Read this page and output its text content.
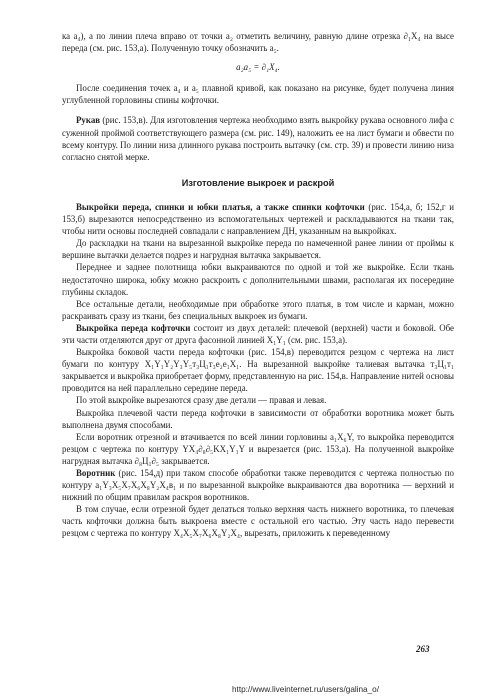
ка a₄), а по линии плеча вправо от точки a₂ отметить величину, равную длине отрезка ∂₁X₄ на высе переда (см. рис. 153,а). Полученную точку обозначить a₅.

a₂a₅ = ∂₁X₄.

После соединения точек a₄ и a₅ плавной кривой, как показано на рисунке, будет получена линия углубленной горловины спины кофточки.

Рукав (рис. 153,в). Для изготовления чертежа необходимо взять выкройку рукава основного лифа с суженной проймой соответствующего размера (см. рис. 149), наложить ее на лист бумаги и обвести по всему контуру. По линии низа длинного рукава построить вытачку (см. стр. 39) и провести линию низа согласно снятой мерке.

Изготовление выкроек и раскрой

Выкройки переда, спинки и юбки платья, а также спинки кофточки (рис. 154,а, б; 152,г и 153,б) вырезаются непосредственно из вспомогательных чертежей и раскладываются на ткани так, чтобы нити основы последней совпадали с направлением ДН, указанным на выкройках.

До раскладки на ткани на вырезанной выкройке переда по намеченной ранее линии от проймы к вершине вытачки делается подрез и нагрудная вытачка закрывается.

Переднее и заднее полотнища юбки выкраиваются по одной и той же выкройке. Если ткань недостаточно широка, юбку можно раскроить с дополнительными швами, располагая их посередине глубины складок.

Все остальные детали, необходимые при обработке этого платья, в том числе и карман, можно раскраивать сразу из ткани, без специальных выкроек из бумаги.

Выкройка переда кофточки состоит из двух деталей: плечевой (верхней) части и боковой. Обе эти части отделяются друг от друга фасонной линией X₁Y₁ (см. рис. 153,а).

Выкройка боковой части переда кофточки (рис. 154,в) переводится резцом с чертежа на лист бумаги по контуру X₁Y₁Y₂Y₃Y₅т₃Ц₁т₃е₂е₁X₁. На вырезанной выкройке талиевая вытачка т₃Ц₁т₁ закрывается и выкройка приобретает форму, представленную на рис. 154,в. Направление нитей основы проводится на ней параллельно середине переда.

По этой выкройке вырезаются сразу две детали — правая и левая.

Выкройка плечевой части переда кофточки в зависимости от обработки воротника может быть выполнена двумя способами.

Если воротник отрезной и втачивается по всей линии горловины a₁X₆Y, то выкройка переводится резцом с чертежа по контуру YX₄∂₈∂₅KX₁Y₁Y и вырезается (рис. 153,а). На полученной выкройке нагрудная вытачка ∂₈Ц₁∂₅ закрывается.

Воротник (рис. 154,д) при таком способе обработки также переводится с чертежа полностью по контуру a₁Y₃X₅X₇X₆X₈Y₂X₄в₁ и по вырезанной выкройке выкраиваются два воротника — верхний и нижний по общим правилам раскроя воротников.

В том случае, если отрезной будет делаться только верхняя часть нижнего воротника, то плечевая часть кофточки должна быть выкроена вместе с остальной его частью. Эту часть надо перевести резцом с чертежа по контуру X₄X₅X₇X₆X₈Y₂X₄, вырезать, приложить к переведенному

263
http://www.liveinternet.ru/users/galina_o/
